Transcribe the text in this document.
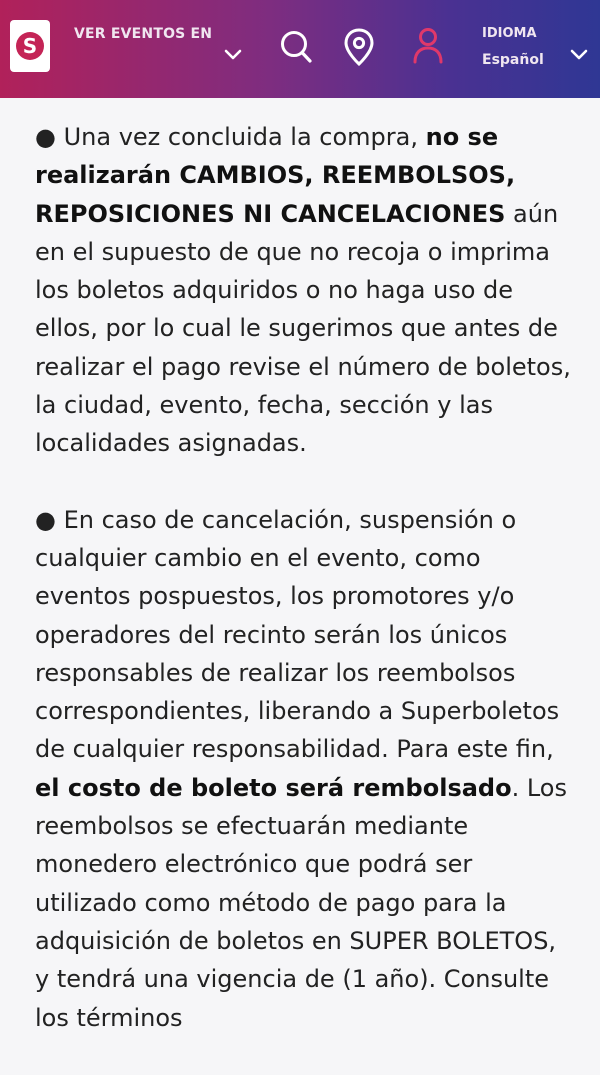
S	VER EVENTOS EN	IDIOMA
Español

● Una vez concluida la compra, no se realizarán CAMBIOS, REEMBOLSOS, REPOSICIONES NI CANCELACIONES aún en el supuesto de que no recoja o imprima los boletos adquiridos o no haga uso de ellos, por lo cual le sugerimos que antes de realizar el pago revise el número de boletos, la ciudad, evento, fecha, sección y las localidades asignadas.

● En caso de cancelación, suspensión o cualquier cambio en el evento, como eventos pospuestos, los promotores y/o operadores del recinto serán los únicos responsables de realizar los reembolsos correspondientes, liberando a Superboletos de cualquier responsabilidad. Para este fin, el costo de boleto será rembolsado. Los reembolsos se efectuarán mediante monedero electrónico que podrá ser utilizado como método de pago para la adquisición de boletos en SUPER BOLETOS, y tendrá una vigencia de (1 año). Consulte los términos
